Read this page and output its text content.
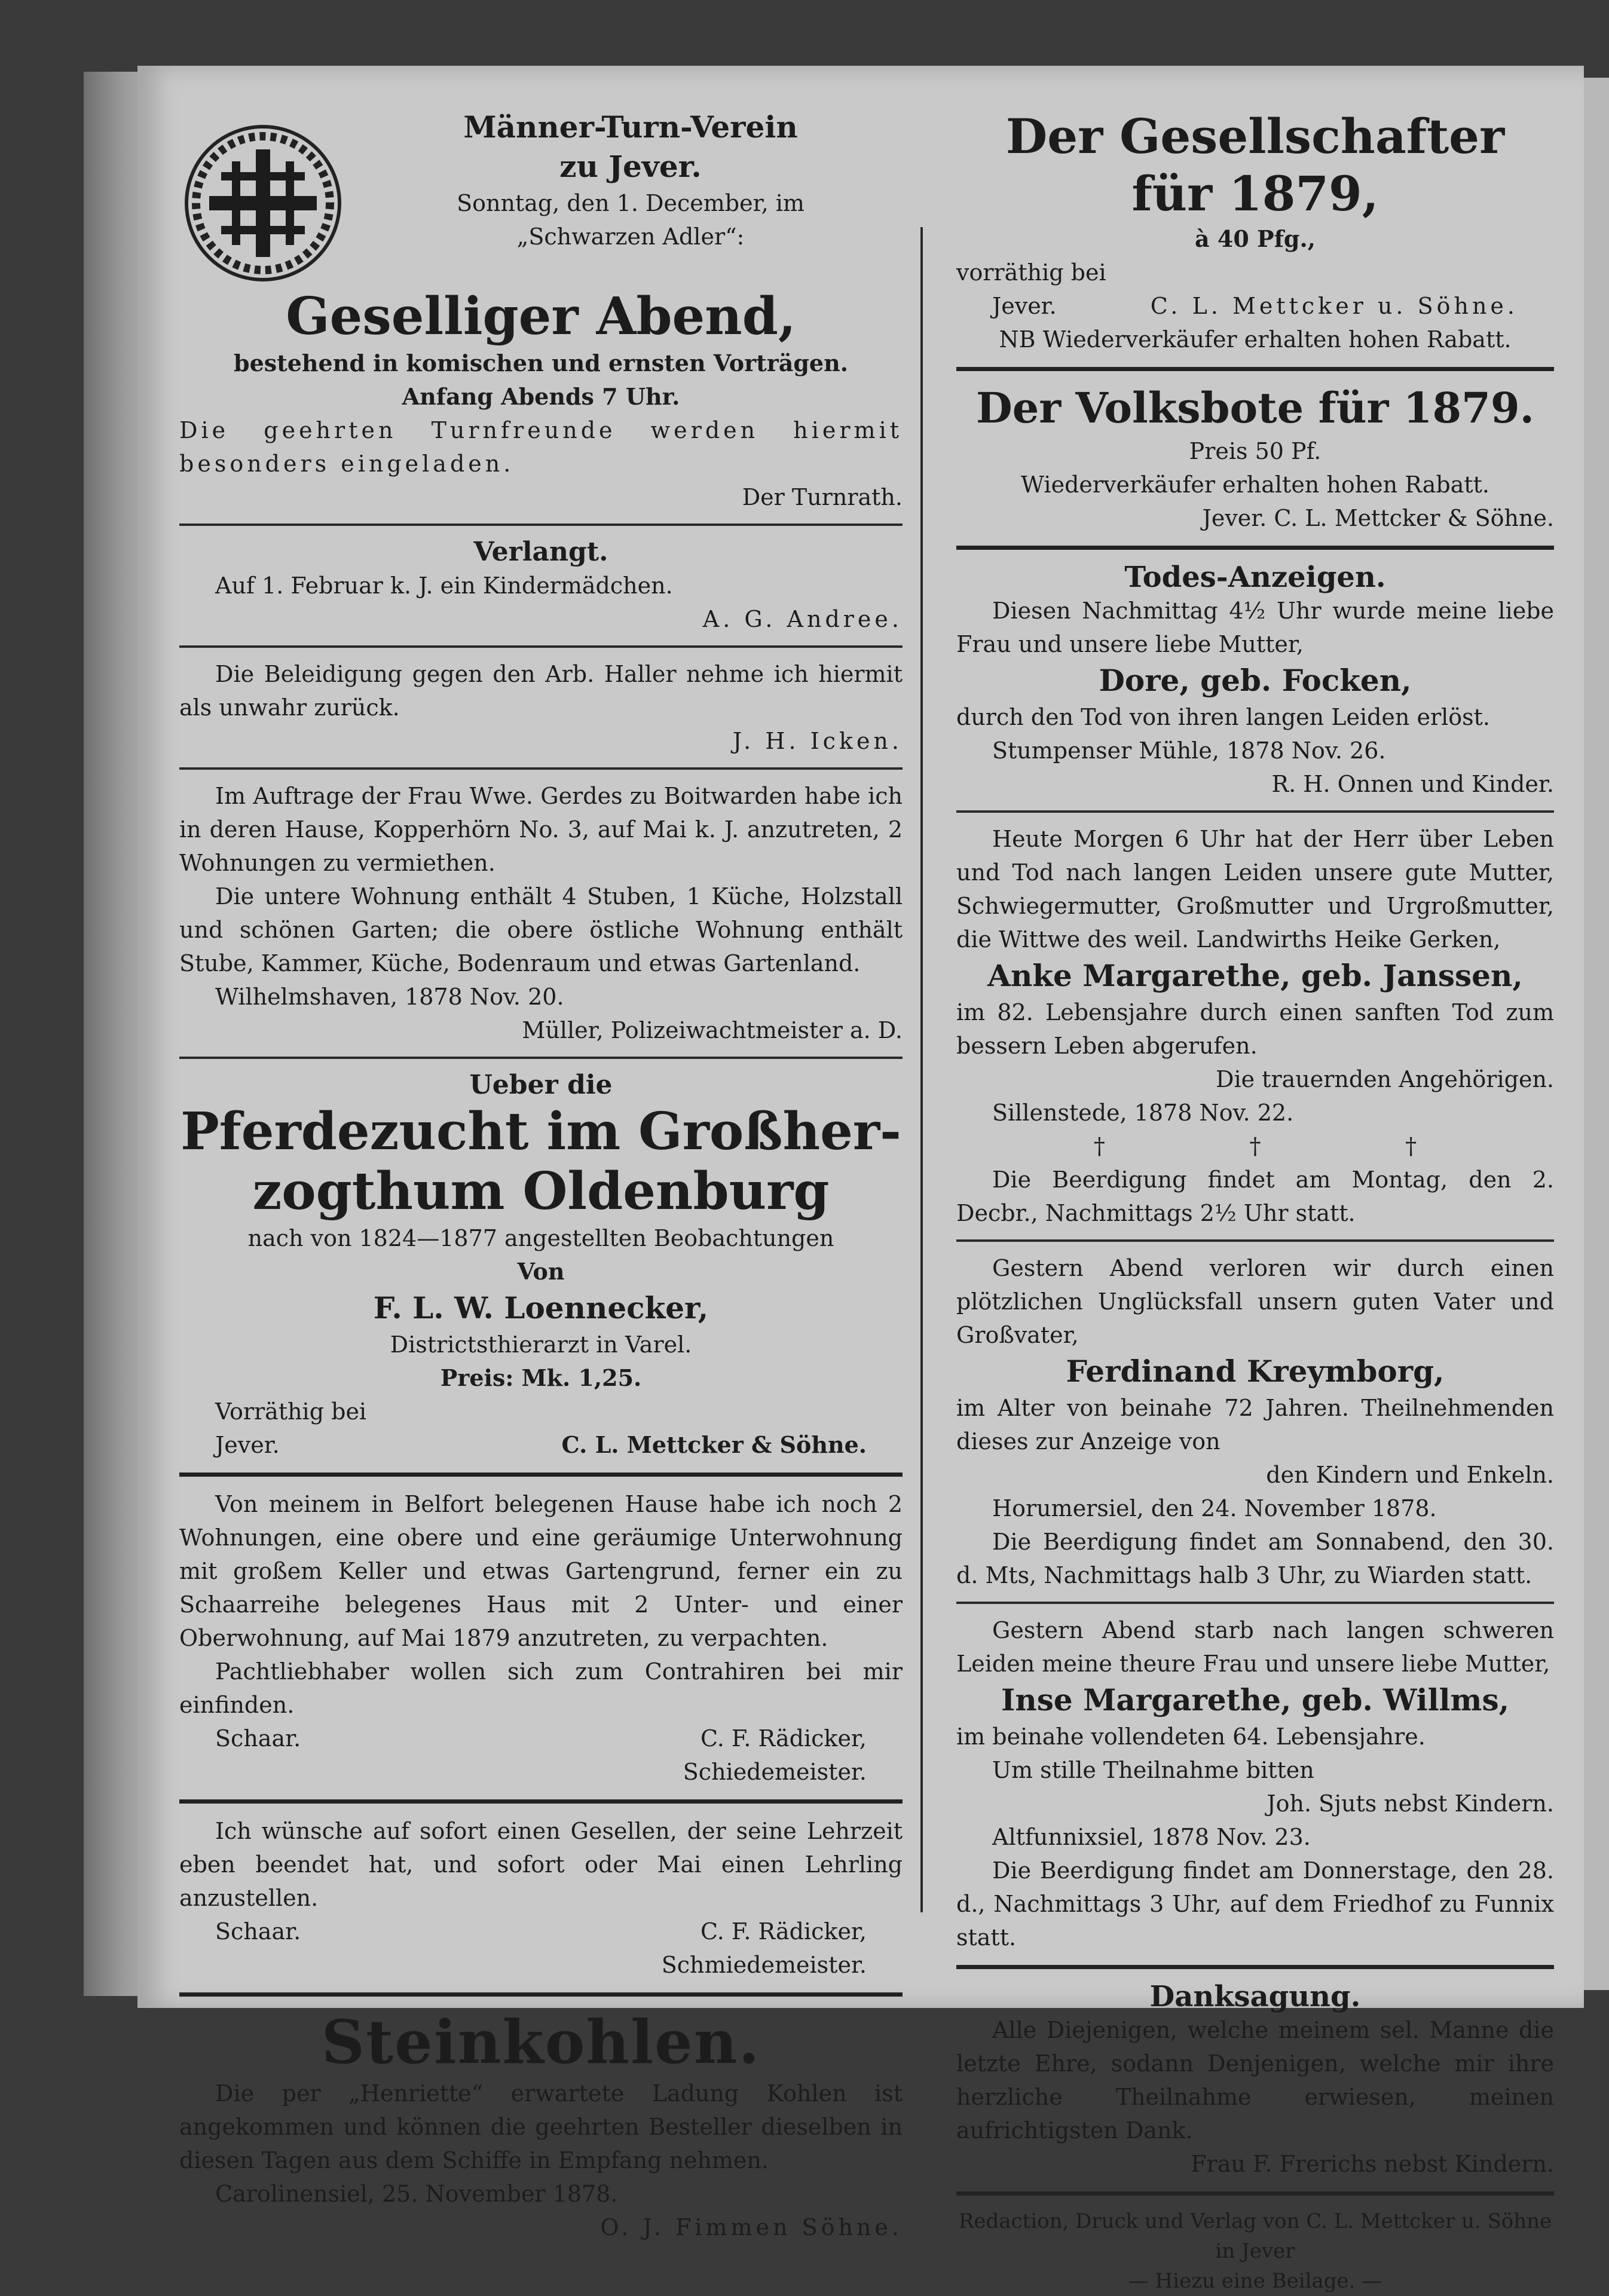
Männer-Turn-Verein
zu Jever.
Sonntag, den 1. December, im
„Schwarzen Adler“:
Geselliger Abend,
bestehend in komischen und ernsten Vorträgen.
Anfang Abends 7 Uhr.
Die geehrten Turnfreunde werden hiermit besonders eingeladen.
Der Turnrath.
Verlangt.
Auf 1. Februar k. J. ein Kindermädchen.
A. G. Andree.
Die Beleidigung gegen den Arb. Haller nehme ich hiermit als unwahr zurück.
J. H. Icken.
Im Auftrage der Frau Wwe. Gerdes zu Boitwarden habe ich in deren Hause, Kopperhörn No. 3, auf Mai k. J. anzutreten, 2 Wohnungen zu vermiethen.
Die untere Wohnung enthält 4 Stuben, 1 Küche, Holzstall und schönen Garten; die obere östliche Wohnung enthält Stube, Kammer, Küche, Bodenraum und etwas Gartenland.
Wilhelmshaven, 1878 Nov. 20.
Müller, Polizeiwachtmeister a. D.
Ueber die
Pferdezucht im Großher-
zogthum Oldenburg
nach von 1824—1877 angestellten Beobachtungen
Von
F. L. W. Loennecker,
Districtsthierarzt in Varel.
Preis: Mk. 1,25.
Vorräthig bei
Jever.	C. L. Mettcker & Söhne.
Von meinem in Belfort belegenen Hause habe ich noch 2 Wohnungen, eine obere und eine geräumige Unterwohnung mit großem Keller und etwas Gartengrund, ferner ein zu Schaarreihe belegenes Haus mit 2 Unter- und einer Oberwohnung, auf Mai 1879 anzutreten, zu verpachten.
Pachtliebhaber wollen sich zum Contrahiren bei mir einfinden.
Schaar.	C. F. Rädicker,
Schiedemeister.
Ich wünsche auf sofort einen Gesellen, der seine Lehrzeit eben beendet hat, und sofort oder Mai einen Lehrling anzustellen.
Schaar.	C. F. Rädicker,
Schmiedemeister.
Steinkohlen.
Die per „Henriette“ erwartete Ladung Kohlen ist angekommen und können die geehrten Besteller dieselben in diesen Tagen aus dem Schiffe in Empfang nehmen.
Carolinensiel, 25. November 1878.
O. J. Fimmen Söhne.
Der Gesellschafter
für 1879,
à 40 Pfg.,
vorräthig bei
Jever.	C. L. Mettcker u. Söhne.
NB Wiederverkäufer erhalten hohen Rabatt.
Der Volksbote für 1879.
Preis 50 Pf.
Wiederverkäufer erhalten hohen Rabatt.
Jever. C. L. Mettcker & Söhne.
Todes-Anzeigen.
Diesen Nachmittag 4½ Uhr wurde meine liebe Frau und unsere liebe Mutter,
Dore, geb. Focken,
durch den Tod von ihren langen Leiden erlöst.
Stumpenser Mühle, 1878 Nov. 26.
R. H. Onnen und Kinder.
Heute Morgen 6 Uhr hat der Herr über Leben und Tod nach langen Leiden unsere gute Mutter, Schwiegermutter, Großmutter und Urgroßmutter, die Wittwe des weil. Landwirths Heike Gerken,
Anke Margarethe, geb. Janssen,
im 82. Lebensjahre durch einen sanften Tod zum bessern Leben abgerufen.
Die trauernden Angehörigen.
Sillenstede, 1878 Nov. 22.
†                    †                    †
Die Beerdigung findet am Montag, den 2. Decbr., Nachmittags 2½ Uhr statt.
Gestern Abend verloren wir durch einen plötzlichen Unglücksfall unsern guten Vater und Großvater,
Ferdinand Kreymborg,
im Alter von beinahe 72 Jahren. Theilnehmenden dieses zur Anzeige von
den Kindern und Enkeln.
Horumersiel, den 24. November 1878.
Die Beerdigung findet am Sonnabend, den 30. d. Mts, Nachmittags halb 3 Uhr, zu Wiarden statt.
Gestern Abend starb nach langen schweren Leiden meine theure Frau und unsere liebe Mutter,
Inse Margarethe, geb. Willms,
im beinahe vollendeten 64. Lebensjahre.
Um stille Theilnahme bitten
Joh. Sjuts nebst Kindern.
Altfunnixsiel, 1878 Nov. 23.
Die Beerdigung findet am Donnerstage, den 28. d., Nachmittags 3 Uhr, auf dem Friedhof zu Funnix statt.
Danksagung.
Alle Diejenigen, welche meinem sel. Manne die letzte Ehre, sodann Denjenigen, welche mir ihre herzliche Theilnahme erwiesen, meinen aufrichtigsten Dank.
Frau F. Frerichs nebst Kindern.
Redaction, Druck und Verlag von C. L. Mettcker u. Söhne in Jever
— Hiezu eine Beilage. —
